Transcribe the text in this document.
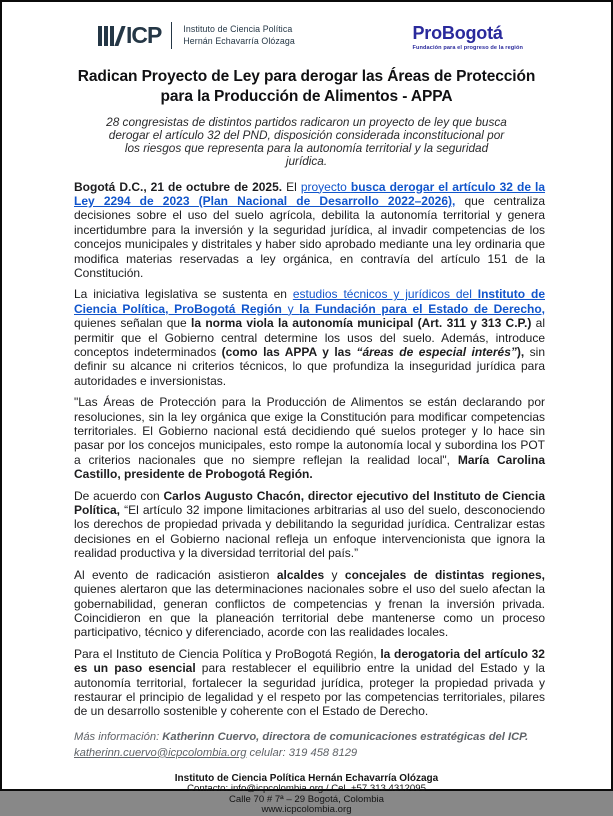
ICP	Instituto de Ciencia Política
Hernán Echavarría Olózaga	ProBogotá
Fundación para el progreso de la región
Radican Proyecto de Ley para derogar las Áreas de Protección para la Producción de Alimentos - APPA

28 congresistas de distintos partidos radicaron un proyecto de ley que busca derogar el artículo 32 del PND, disposición considerada inconstitucional por los riesgos que representa para la autonomía territorial y la seguridad jurídica.

Bogotá D.C., 21 de octubre de 2025. El proyecto busca derogar el artículo 32 de la Ley 2294 de 2023 (Plan Nacional de Desarrollo 2022–2026), que centraliza decisiones sobre el uso del suelo agrícola, debilita la autonomía territorial y genera incertidumbre para la inversión y la seguridad jurídica, al invadir competencias de los concejos municipales y distritales y haber sido aprobado mediante una ley ordinaria que modifica materias reservadas a ley orgánica, en contravía del artículo 151 de la Constitución.

La iniciativa legislativa se sustenta en estudios técnicos y jurídicos del Instituto de Ciencia Política, ProBogotá Región y la Fundación para el Estado de Derecho, quienes señalan que la norma viola la autonomía municipal (Art. 311 y 313 C.P.) al permitir que el Gobierno central determine los usos del suelo. Además, introduce conceptos indeterminados (como las APPA y las “áreas de especial interés”), sin definir su alcance ni criterios técnicos, lo que profundiza la inseguridad jurídica para autoridades e inversionistas.

"Las Áreas de Protección para la Producción de Alimentos se están declarando por resoluciones, sin la ley orgánica que exige la Constitución para modificar competencias territoriales. El Gobierno nacional está decidiendo qué suelos proteger y lo hace sin pasar por los concejos municipales, esto rompe la autonomía local y subordina los POT a criterios nacionales que no siempre reflejan la realidad local", María Carolina Castillo, presidente de Probogotá Región.

De acuerdo con Carlos Augusto Chacón, director ejecutivo del Instituto de Ciencia Política, “El artículo 32 impone limitaciones arbitrarias al uso del suelo, desconociendo los derechos de propiedad privada y debilitando la seguridad jurídica. Centralizar estas decisiones en el Gobierno nacional refleja un enfoque intervencionista que ignora la realidad productiva y la diversidad territorial del país.”

Al evento de radicación asistieron alcaldes y concejales de distintas regiones, quienes alertaron que las determinaciones nacionales sobre el uso del suelo afectan la gobernabilidad, generan conflictos de competencias y frenan la inversión privada. Coincidieron en que la planeación territorial debe mantenerse como un proceso participativo, técnico y diferenciado, acorde con las realidades locales.

Para el Instituto de Ciencia Política y ProBogotá Región, la derogatoria del artículo 32 es un paso esencial para restablecer el equilibrio entre la unidad del Estado y la autonomía territorial, fortalecer la seguridad jurídica, proteger la propiedad privada y restaurar el principio de legalidad y el respeto por las competencias territoriales, pilares de un desarrollo sostenible y coherente con el Estado de Derecho.

Más información: Katherinn Cuervo, directora de comunicaciones estratégicas del ICP.

katherinn.cuervo@icpcolombia.org celular: 319 458 8129

Instituto de Ciencia Política Hernán Echavarría Olózaga
Contacto: info@icpcolombia.org / Cel. +57 313 4312095
Calle 70 # 7ª – 29 Bogotá, Colombia
www.icpcolombia.org
